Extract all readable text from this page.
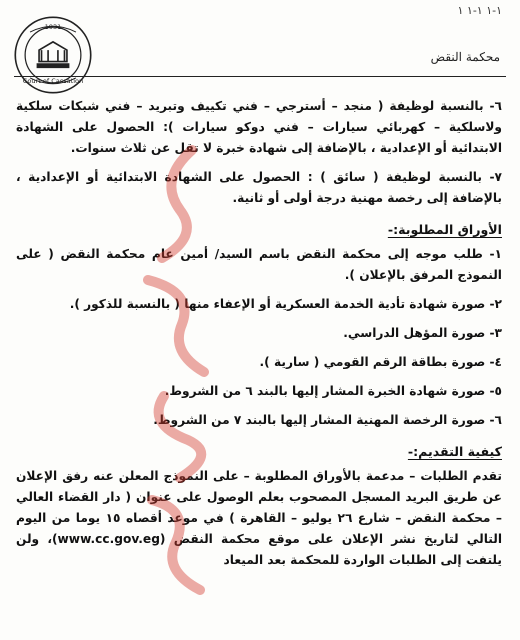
۱-۱ ۱-۱ ۱
محكمة النقض
Court of Cassation
1931

٦- بالنسبة لوظيفة ( منجد – أسترجي – فني تكييف وتبريد – فني شبكات سلكية ولاسلكية – كهربائي سيارات – فني دوكو سيارات ): الحصول على الشهادة الابتدائية أو الإعدادية ، بالإضافة إلى شهادة خبرة لا تقل عن ثلاث سنوات.

٧- بالنسبة لوظيفة ( سائق ) : الحصول على الشهادة الابتدائية أو الإعدادية ، بالإضافة إلى رخصة مهنية درجة أولى أو ثانية.

الأوراق المطلوبة:-
١- طلب موجه إلى محكمة النقض باسم السيد/ أمين عام محكمة النقض ( على النموذج المرفق بالإعلان ).
٢- صورة شهادة تأدية الخدمة العسكرية أو الإعفاء منها ( بالنسبة للذكور ).
٣- صورة المؤهل الدراسي.
٤- صورة بطاقة الرقم القومي ( سارية ).
٥- صورة شهادة الخبرة المشار إليها بالبند ٦ من الشروط.
٦- صورة الرخصة المهنية المشار إليها بالبند ٧ من الشروط.
كيفية التقديم:-

تقدم الطلبات – مدعمة بالأوراق المطلوبة – على النموذج المعلن عنه رفق الإعلان عن طريق البريد المسجل المصحوب بعلم الوصول على عنوان ( دار القضاء العالي – محكمة النقض – شارع ٢٦ يوليو – القاهرة ) في موعد أقصاه ١٥ يوما من اليوم التالي لتاريخ نشر الإعلان على موقع محكمة النقض (www.cc.gov.eg)، ولن يلتفت إلى الطلبات الواردة للمحكمة بعد الميعاد
